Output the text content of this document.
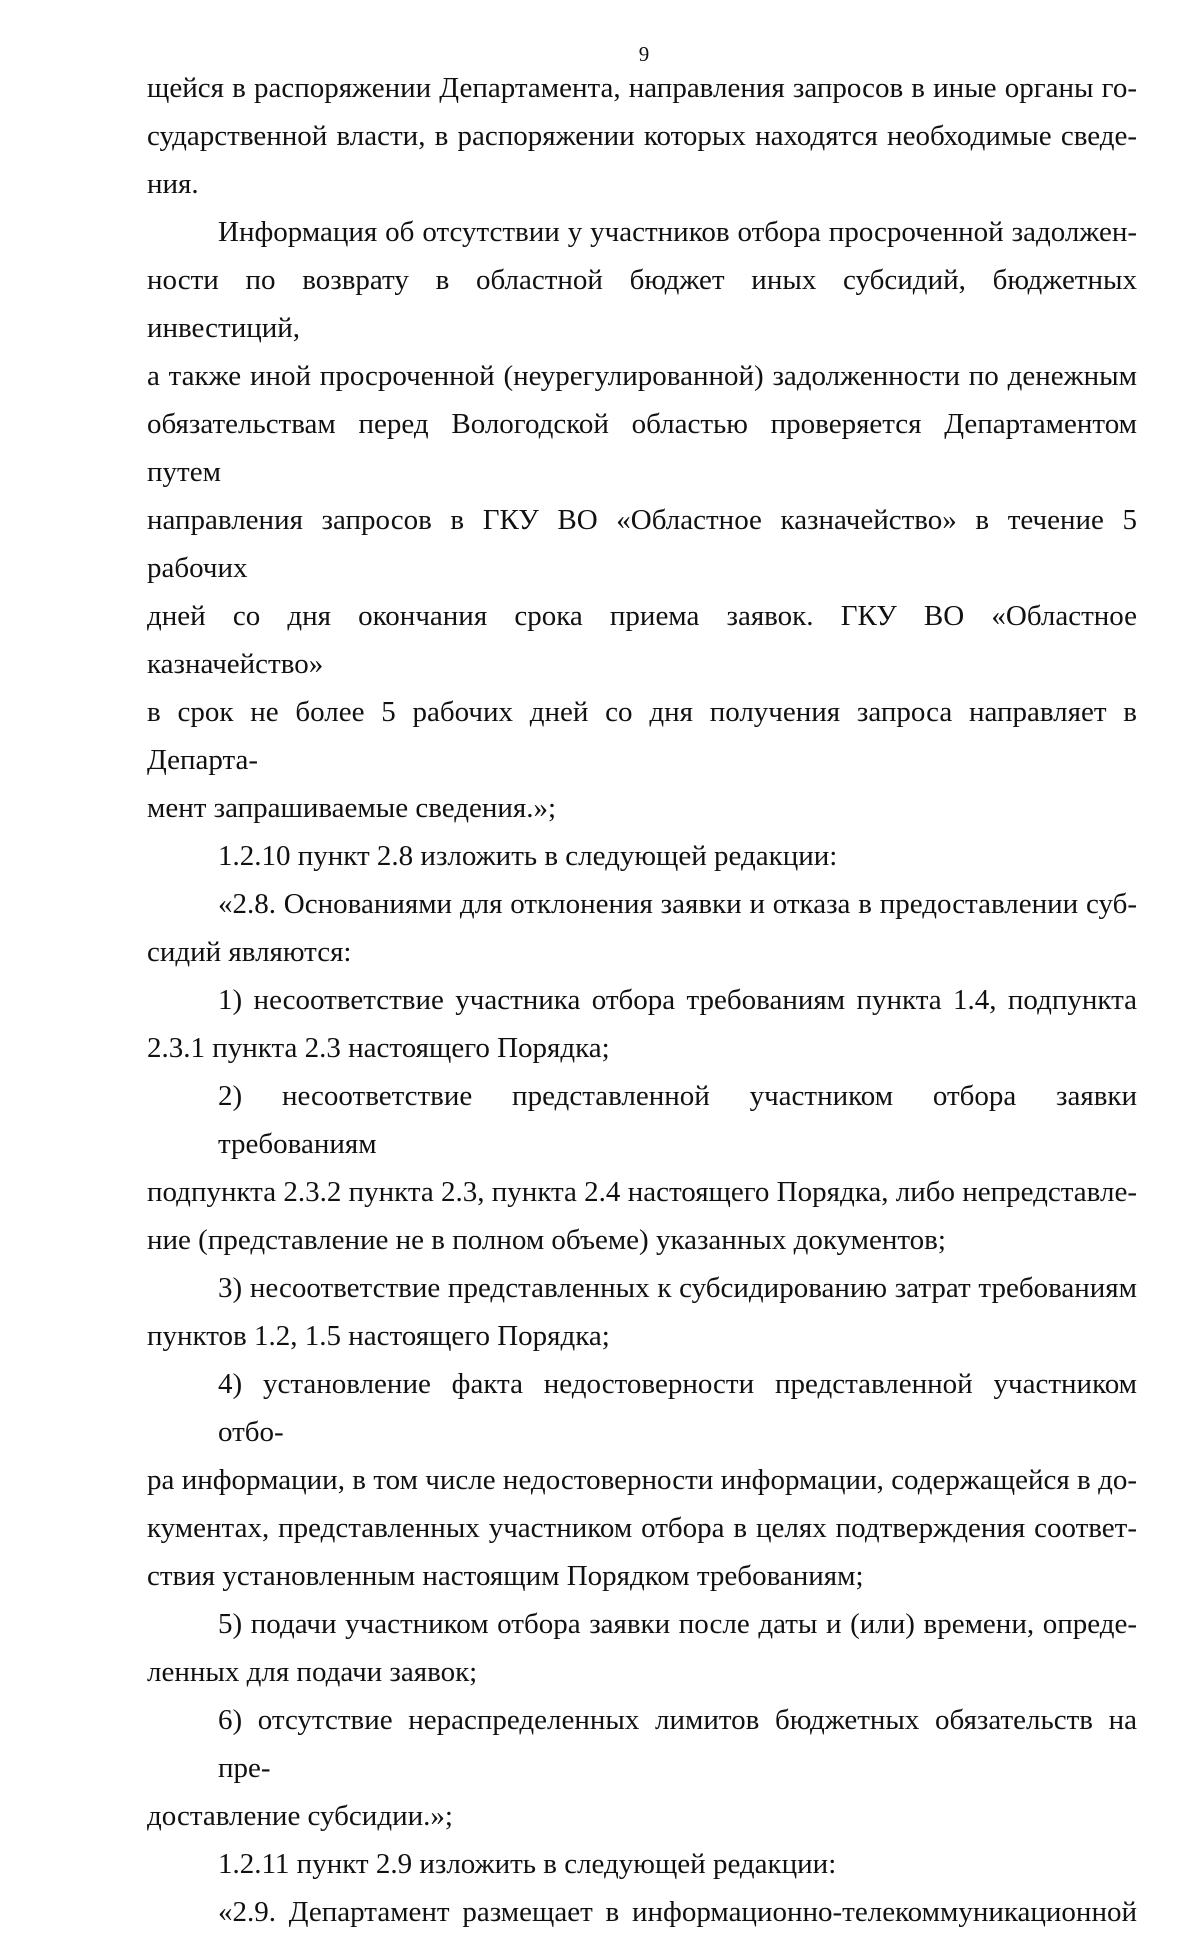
9

щейся в распоряжении Департамента, направления запросов в иные органы го-
сударственной власти, в распоряжении которых находятся необходимые сведе-
ния.

Информация об отсутствии у участников отбора просроченной задолжен-
ности по возврату в областной бюджет иных субсидий, бюджетных инвестиций,
а также иной просроченной (неурегулированной) задолженности по денежным
обязательствам перед Вологодской областью проверяется Департаментом путем
направления запросов в ГКУ ВО «Областное казначейство» в течение 5 рабочих
дней со дня окончания срока приема заявок. ГКУ ВО «Областное казначейство»
в срок не более 5 рабочих дней со дня получения запроса направляет в Департа-
мент запрашиваемые сведения.»;

1.2.10 пункт 2.8 изложить в следующей редакции:

«2.8. Основаниями для отклонения заявки и отказа в предоставлении суб-
сидий являются:

1) несоответствие участника отбора требованиям пункта 1.4, подпункта
2.3.1 пункта 2.3 настоящего Порядка;

2) несоответствие представленной участником отбора заявки требованиям
подпункта 2.3.2 пункта 2.3, пункта 2.4 настоящего Порядка, либо непредставле-
ние (представление не в полном объеме) указанных документов;

3) несоответствие представленных к субсидированию затрат требованиям
пунктов 1.2, 1.5 настоящего Порядка;

4) установление факта недостоверности представленной участником отбо-
ра информации, в том числе недостоверности информации, содержащейся в до-
кументах, представленных участником отбора в целях подтверждения соответ-
ствия установленным настоящим Порядком требованиям;

5) подачи участником отбора заявки после даты и (или) времени, опреде-
ленных для подачи заявок;

6) отсутствие нераспределенных лимитов бюджетных обязательств на пре-
доставление субсидии.»;

1.2.11 пункт 2.9 изложить в следующей редакции:

«2.9. Департамент размещает в информационно-телекоммуникационной
